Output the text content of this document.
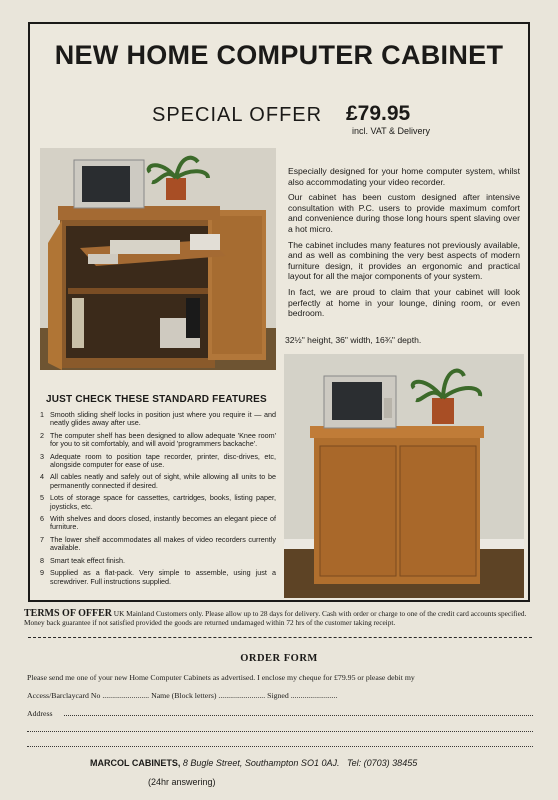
NEW HOME COMPUTER CABINET
SPECIAL OFFER £79.95
incl. VAT & Delivery

Especially designed for your home computer system, whilst also accommodating your video recorder.

Our cabinet has been custom designed after intensive consultation with P.C. users to provide maximum comfort and convenience during those long hours spent slaving over a hot micro.

The cabinet includes many features not previously available, and as well as combining the very best aspects of modern furniture design, it provides an ergonomic and practical layout for all the major components of your system.

In fact, we are proud to claim that your cabinet will look perfectly at home in your lounge, dining room, or even bedroom.

32½" height, 36" width, 16¾" depth.
JUST CHECK THESE STANDARD FEATURES
1 Smooth sliding shelf locks in position just where you require it — and neatly glides away after use.
2 The computer shelf has been designed to allow adequate 'Knee room' for you to sit comfortably, and will avoid 'programmers backache'.
3 Adequate room to position tape recorder, printer, disc-drives, etc, alongside computer for ease of use.
4 All cables neatly and safely out of sight, while allowing all units to be permanently connected if desired.
5 Lots of storage space for cassettes, cartridges, books, listing paper, joysticks, etc.
6 With shelves and doors closed, instantly becomes an elegant piece of furniture.
7 The lower shelf accommodates all makes of video recorders currently available.
8 Smart teak effect finish.
9 Supplied as a flat-pack. Very simple to assemble, using just a screwdriver. Full instructions supplied.
TERMS OF OFFER UK Mainland Customers only. Please allow up to 28 days for delivery. Cash with order or charge to one of the credit card accounts specified. Money back guarantee if not satisfied provided the goods are returned undamaged within 72 hrs of the customer taking receipt.
ORDER FORM
Please send me one of your new Home Computer Cabinets as advertised. I enclose my cheque for £79.95 or please debit my
Access/Barclaycard No ........................ Name (Block letters) ........................ Signed ........................
Address
MARCOL CABINETS, 8 Bugle Street, Southampton SO1 0AJ. Tel: (0703) 38455
(24hr answering)
